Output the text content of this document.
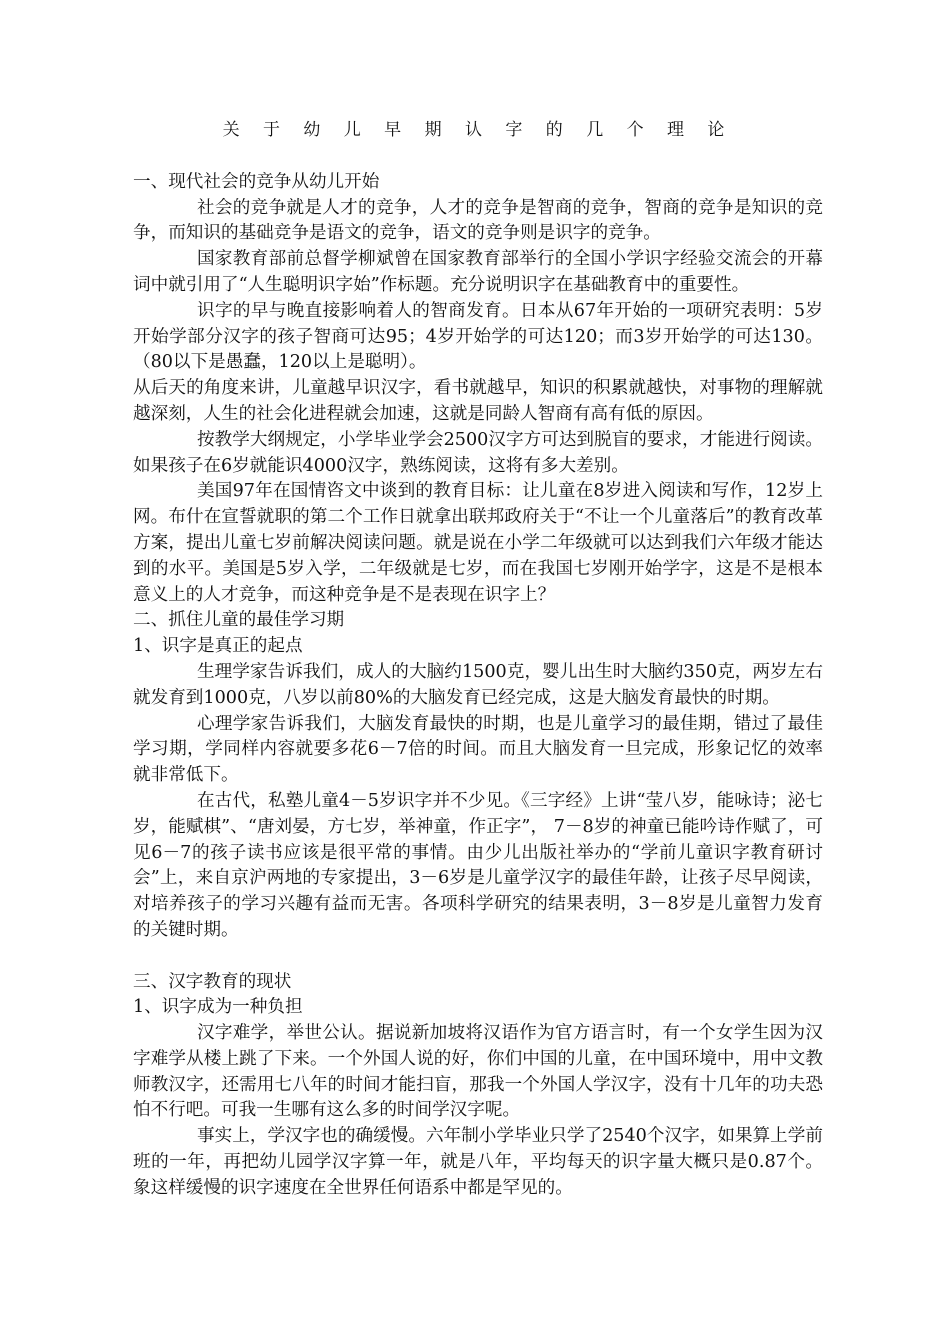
关 于 幼 儿 早 期 认 字 的 几 个 理 论

一、现代社会的竞争从幼儿开始

社会的竞争就是人才的竞争，人才的竞争是智商的竞争，智商的竞争是知识的竞争，而知识的基础竞争是语文的竞争，语文的竞争则是识字的竞争。

国家教育部前总督学柳斌曾在国家教育部举行的全国小学识字经验交流会的开幕词中就引用了“人生聪明识字始”作标题。充分说明识字在基础教育中的重要性。

识字的早与晚直接影响着人的智商发育。日本从67年开始的一项研究表明：5岁开始学部分汉字的孩子智商可达95；4岁开始学的可达120；而3岁开始学的可达130。（80以下是愚蠢，120以上是聪明）。

从后天的角度来讲，儿童越早识汉字，看书就越早，知识的积累就越快，对事物的理解就越深刻，人生的社会化进程就会加速，这就是同龄人智商有高有低的原因。

按教学大纲规定，小学毕业学会2500汉字方可达到脱盲的要求，才能进行阅读。如果孩子在6岁就能识4000汉字，熟练阅读，这将有多大差别。

美国97年在国情咨文中谈到的教育目标：让儿童在8岁进入阅读和写作，12岁上网。布什在宣誓就职的第二个工作日就拿出联邦政府关于“不让一个儿童落后”的教育改革方案，提出儿童七岁前解决阅读问题。就是说在小学二年级就可以达到我们六年级才能达到的水平。美国是5岁入学，二年级就是七岁，而在我国七岁刚开始学字，这是不是根本意义上的人才竞争，而这种竞争是不是表现在识字上？

二、抓住儿童的最佳学习期

1、识字是真正的起点

生理学家告诉我们，成人的大脑约1500克，婴儿出生时大脑约350克，两岁左右就发育到1000克，八岁以前80%的大脑发育已经完成，这是大脑发育最快的时期。

心理学家告诉我们，大脑发育最快的时期，也是儿童学习的最佳期，错过了最佳学习期，学同样内容就要多花6－7倍的时间。而且大脑发育一旦完成，形象记忆的效率就非常低下。

在古代，私塾儿童4－5岁识字并不少见。《三字经》上讲“莹八岁，能咏诗；泌七岁，能赋棋”、“唐刘晏，方七岁，举神童，作正字”， 7－8岁的神童已能吟诗作赋了，可见6－7的孩子读书应该是很平常的事情。由少儿出版社举办的“学前儿童识字教育研讨会”上，来自京沪两地的专家提出，3－6岁是儿童学汉字的最佳年龄，让孩子尽早阅读，对培养孩子的学习兴趣有益而无害。各项科学研究的结果表明，3－8岁是儿童智力发育的关键时期。

三、汉字教育的现状

1、识字成为一种负担

汉字难学，举世公认。据说新加坡将汉语作为官方语言时，有一个女学生因为汉字难学从楼上跳了下来。一个外国人说的好，你们中国的儿童，在中国环境中，用中文教师教汉字，还需用七八年的时间才能扫盲，那我一个外国人学汉字，没有十几年的功夫恐怕不行吧。可我一生哪有这么多的时间学汉字呢。

事实上，学汉字也的确缓慢。六年制小学毕业只学了2540个汉字，如果算上学前班的一年，再把幼儿园学汉字算一年，就是八年，平均每天的识字量大概只是0.87个。象这样缓慢的识字速度在全世界任何语系中都是罕见的。
